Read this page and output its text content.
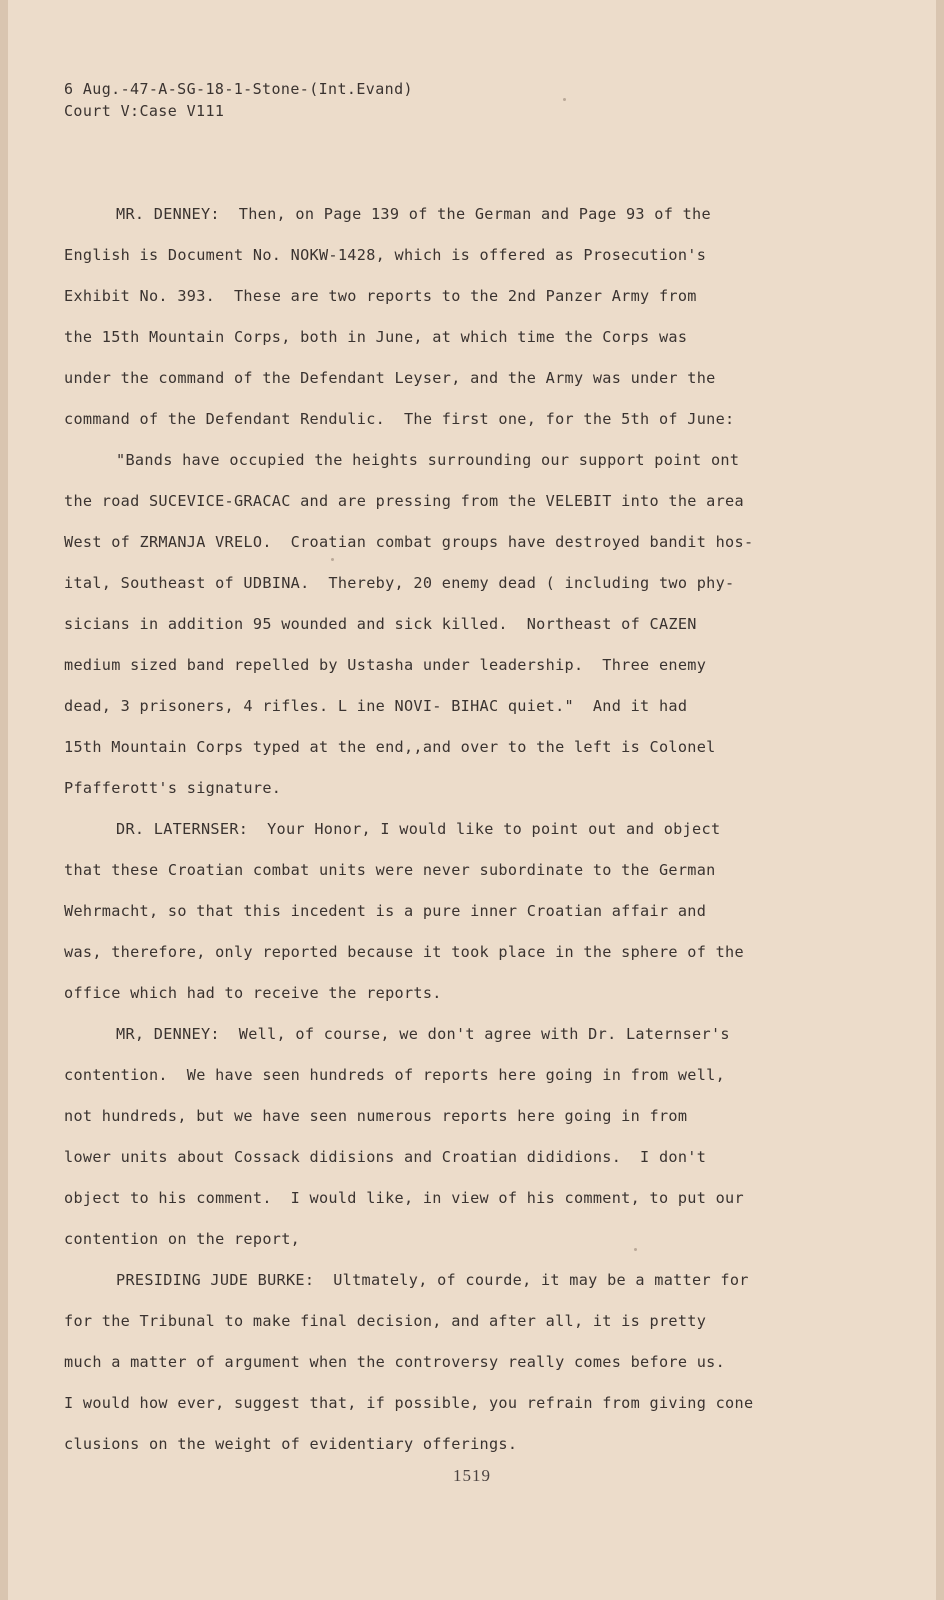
6 Aug.-47-A-SG-18-1-Stone-(Int.Evand)
Court V:Case V111
MR. DENNEY:  Then, on Page 139 of the German and Page 93 of the
English is Document No. NOKW-1428, which is offered as Prosecution's
Exhibit No. 393.  These are two reports to the 2nd Panzer Army from
the 15th Mountain Corps, both in June, at which time the Corps was
under the command of the Defendant Leyser, and the Army was under the
command of the Defendant Rendulic.  The first one, for the 5th of June:
"Bands have occupied the heights surrounding our support point ont
the road SUCEVICE-GRACAC and are pressing from the VELEBIT into the area
West of ZRMANJA VRELO.  Croatian combat groups have destroyed bandit hos-
ital, Southeast of UDBINA.  Thereby, 20 enemy dead ( including two phy-
sicians in addition 95 wounded and sick killed.  Northeast of CAZEN
medium sized band repelled by Ustasha under leadership.  Three enemy
dead, 3 prisoners, 4 rifles. L ine NOVI- BIHAC quiet."  And it had
15th Mountain Corps typed at the end,,and over to the left is Colonel
Pfafferott's signature.
DR. LATERNSER:  Your Honor, I would like to point out and object
that these Croatian combat units were never subordinate to the German
Wehrmacht, so that this incedent is a pure inner Croatian affair and
was, therefore, only reported because it took place in the sphere of the
office which had to receive the reports.
MR, DENNEY:  Well, of course, we don't agree with Dr. Laternser's
contention.  We have seen hundreds of reports here going in from well,
not hundreds, but we have seen numerous reports here going in from
lower units about Cossack didisions and Croatian dididions.  I don't
object to his comment.  I would like, in view of his comment, to put our
contention on the report,
PRESIDING JUDE BURKE:  Ultmately, of courde, it may be a matter for
for the Tribunal to make final decision, and after all, it is pretty
much a matter of argument when the controversy really comes before us.
I would how ever, suggest that, if possible, you refrain from giving cone
clusions on the weight of evidentiary offerings.
1519
